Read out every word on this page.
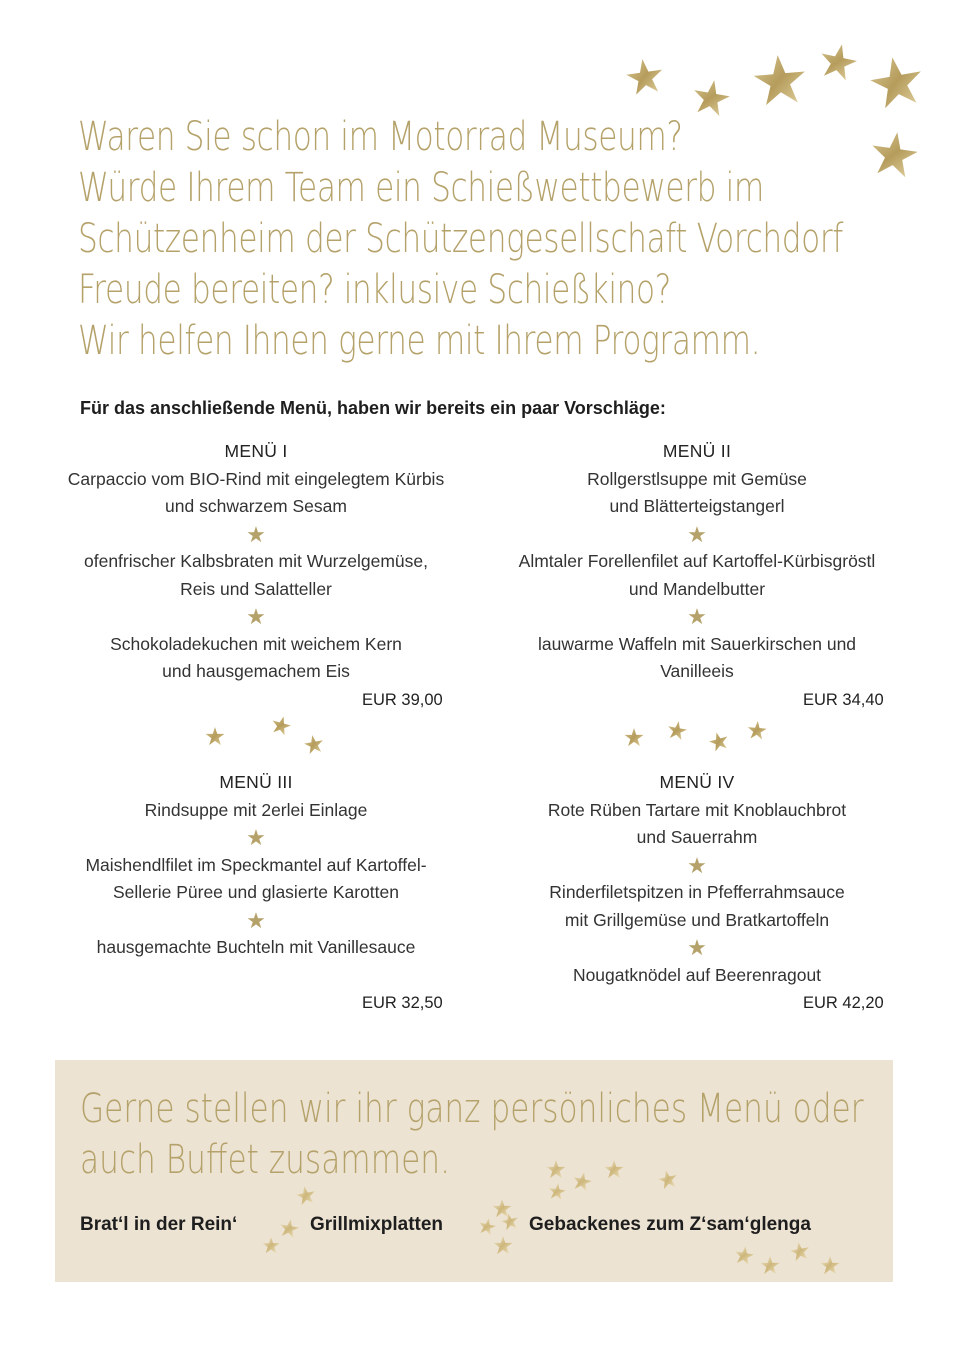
Waren Sie schon im Motorrad Museum?
Würde Ihrem Team ein Schießwettbewerb im
Schützenheim der Schützengesellschaft Vorchdorf
Freude bereiten? inklusive Schießkino?
Wir helfen Ihnen gerne mit Ihrem Programm.
Für das anschließende Menü, haben wir bereits ein paar Vorschläge:
MENÜ I
Carpaccio vom BIO-Rind mit eingelegtem Kürbis
und schwarzem Sesam
★
ofenfrischer Kalbsbraten mit Wurzelgemüse,
Reis und Salatteller
★
Schokoladekuchen mit weichem Kern
und hausgemachem Eis
EUR 39,00
MENÜ II
Rollgerstlsuppe mit Gemüse
und Blätterteigstangerl
★
Almtaler Forellenfilet auf Kartoffel-Kürbisgröstl
und Mandelbutter
★
lauwarme Waffeln mit Sauerkirschen und
Vanilleeis
EUR 34,40
MENÜ III
Rindsuppe mit 2erlei Einlage
★
Maishendlfilet im Speckmantel auf Kartoffel-
Sellerie Püree und glasierte Karotten
★
hausgemachte Buchteln mit Vanillesauce
EUR 32,50
MENÜ IV
Rote Rüben Tartare mit Knoblauchbrot
und Sauerrahm
★
Rinderfiletspitzen in Pfefferrahmsauce
mit Grillgemüse und Bratkartoffeln
★
Nougatknödel auf Beerenragout
EUR 42,20
Gerne stellen wir ihr ganz persönliches Menü oder
auch Buffet zusammen.
Brat‘l in der Rein‘	Grillmixplatten	Gebackenes zum Z‘sam‘glenga
